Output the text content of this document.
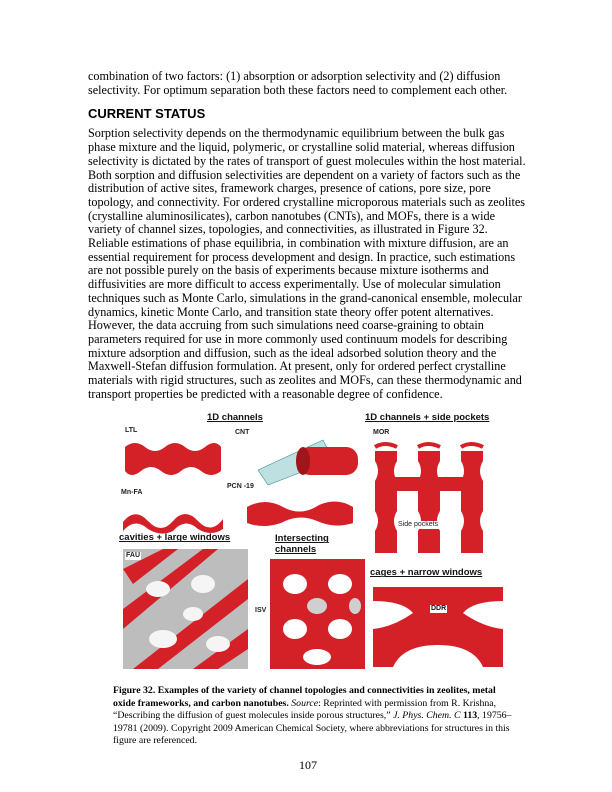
combination of two factors: (1) absorption or adsorption selectivity and (2) diffusion selectivity. For optimum separation both these factors need to complement each other.

CURRENT STATUS

Sorption selectivity depends on the thermodynamic equilibrium between the bulk gas phase mixture and the liquid, polymeric, or crystalline solid material, whereas diffusion selectivity is dictated by the rates of transport of guest molecules within the host material. Both sorption and diffusion selectivities are dependent on a variety of factors such as the distribution of active sites, framework charges, presence of cations, pore size, pore topology, and connectivity. For ordered crystalline microporous materials such as zeolites (crystalline aluminosilicates), carbon nanotubes (CNTs), and MOFs, there is a wide variety of channel sizes, topologies, and connectivities, as illustrated in Figure 32. Reliable estimations of phase equilibria, in combination with mixture diffusion, are an essential requirement for process development and design. In practice, such estimations are not possible purely on the basis of experiments because mixture isotherms and diffusivities are more difficult to access experimentally. Use of molecular simulation techniques such as Monte Carlo, simulations in the grand-canonical ensemble, molecular dynamics, kinetic Monte Carlo, and transition state theory offer potent alternatives. However, the data accruing from such simulations need coarse-graining to obtain parameters required for use in more commonly used continuum models for describing mixture adsorption and diffusion, such as the ideal adsorbed solution theory and the Maxwell-Stefan diffusion formulation. At present, only for ordered perfect crystalline materials with rigid structures, such as zeolites and MOFs, can these thermodynamic and transport properties be predicted with a reasonable degree of confidence.

1D channels	1D channels + side pockets
cavities + large windows	Intersecting channels
cages + narrow windows
LTL	CNT	MOR
Mn-FA
PCN -19
Side pockets
FAU
ISV	DDR
Figure 32. Examples of the variety of channel topologies and connectivities in zeolites, metal oxide frameworks, and carbon nanotubes. Source: Reprinted with permission from R. Krishna, “Describing the diffusion of guest molecules inside porous structures,” J. Phys. Chem. C 113, 19756–19781 (2009). Copyright 2009 American Chemical Society, where abbreviations for structures in this figure are referenced.
107
